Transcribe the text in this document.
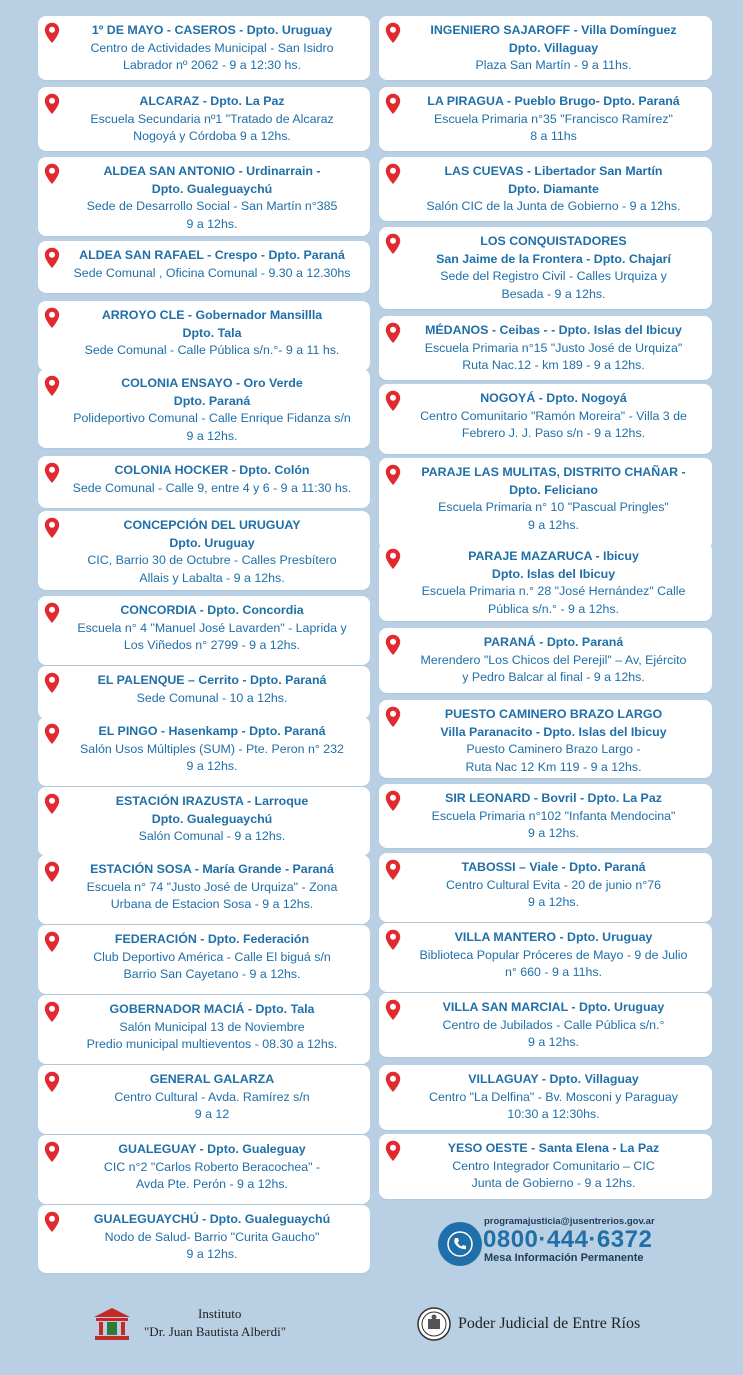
1º DE MAYO - CASEROS - Dpto. Uruguay
Centro de Actividades Municipal - San Isidro
Labrador nº 2062 - 9 a 12:30 hs.
ALCARAZ - Dpto. La Paz
Escuela Secundaria nº1 "Tratado de Alcaraz
Nogoyá y Córdoba 9 a 12hs.
ALDEA SAN ANTONIO - Urdinarrain -
Dpto. Gualeguaychú
Sede de Desarrollo Social - San Martín n°385
9 a 12hs.
ALDEA SAN RAFAEL - Crespo - Dpto. Paraná
Sede Comunal , Oficina Comunal - 9.30 a 12.30hs
ARROYO CLE - Gobernador Mansillla
Dpto. Tala
Sede Comunal - Calle Pública s/n.°- 9 a 11 hs.
COLONIA ENSAYO - Oro Verde
Dpto. Paraná
Polideportivo Comunal - Calle Enrique Fidanza s/n
9 a 12hs.
COLONIA HOCKER - Dpto. Colón
Sede Comunal - Calle 9, entre 4 y 6 - 9 a 11:30 hs.
CONCEPCIÓN DEL URUGUAY
Dpto. Uruguay
CIC, Barrio 30 de Octubre - Calles Presbítero
Allais y Labalta - 9 a 12hs.
CONCORDIA - Dpto. Concordia
Escuela n° 4 "Manuel José Lavarden" - Laprida y
Los Viñedos n° 2799 - 9 a 12hs.
EL PALENQUE – Cerrito - Dpto. Paraná
Sede Comunal - 10 a 12hs.
EL PINGO - Hasenkamp - Dpto. Paraná
Salón Usos Múltiples (SUM) - Pte. Peron n° 232
9 a 12hs.
ESTACIÓN IRAZUSTA - Larroque
Dpto. Gualeguaychú
Salón Comunal - 9 a 12hs.
ESTACIÓN SOSA - María Grande - Paraná
Escuela n° 74 "Justo José de Urquiza" - Zona
Urbana de Estacion Sosa - 9 a 12hs.
FEDERACIÓN - Dpto. Federación
Club Deportivo América - Calle El biguá s/n
Barrio San Cayetano - 9 a 12hs.
GOBERNADOR MACIÁ - Dpto. Tala
Salón Municipal 13 de Noviembre
Predio municipal multieventos - 08.30 a 12hs.
GENERAL GALARZA
Centro Cultural - Avda. Ramírez s/n
9 a 12
GUALEGUAY - Dpto. Gualeguay
CIC n°2 "Carlos Roberto Beracochea" -
Avda Pte. Perón - 9 a 12hs.
GUALEGUAYCHÚ - Dpto. Gualeguaychú
Nodo de Salud- Barrio "Curita Gaucho"
9 a 12hs.
INGENIERO SAJAROFF - Villa Domínguez
Dpto. Villaguay
Plaza San Martín - 9 a 11hs.
LA PIRAGUA - Pueblo Brugo- Dpto. Paraná
Escuela Primaria n°35 "Francisco Ramírez"
8 a 11hs
LAS CUEVAS - Libertador San Martín
Dpto. Diamante
Salón CIC de la Junta de Gobierno - 9 a 12hs.
LOS CONQUISTADORES
San Jaime de la Frontera - Dpto. Chajarí
Sede del Registro Civil - Calles Urquiza y
Besada - 9 a 12hs.
MÉDANOS - Ceibas - - Dpto. Islas del Ibicuy
Escuela Primaria n°15 "Justo José de Urquiza"
Ruta Nac.12 - km 189 - 9 a 12hs.
NOGOYÁ - Dpto. Nogoyá
Centro Comunitario "Ramón Moreira" - Villa 3 de
Febrero J. J. Paso s/n - 9 a 12hs.
PARAJE LAS MULITAS, DISTRITO CHAÑAR -
Dpto. Feliciano
Escuela Primaria n° 10 "Pascual Pringles"
9 a 12hs.
PARAJE MAZARUCA - Ibicuy
Dpto. Islas del Ibicuy
Escuela Primaria n.° 28 "José Hernández" Calle
Pública s/n.° - 9 a 12hs.
PARANÁ - Dpto. Paraná
Merendero "Los Chicos del Perejil" – Av, Ejército
y Pedro Balcar al final - 9 a 12hs.
PUESTO CAMINERO BRAZO LARGO
Villa Paranacito - Dpto. Islas del Ibicuy
Puesto Caminero Brazo Largo -
Ruta Nac 12 Km 119 - 9 a 12hs.
SIR LEONARD - Bovril - Dpto. La Paz
Escuela Primaria n°102 "Infanta Mendocina"
9 a 12hs.
TABOSSI – Viale - Dpto. Paraná
Centro Cultural Evita - 20 de junio n°76
9 a 12hs.
VILLA MANTERO - Dpto. Uruguay
Biblioteca Popular Próceres de Mayo - 9 de Julio
n° 660 - 9 a 11hs.
VILLA SAN MARCIAL - Dpto. Uruguay
Centro de Jubilados - Calle Pública s/n.°
9 a 12hs.
VILLAGUAY - Dpto. Villaguay
Centro "La Delfina" - Bv. Mosconi y Paraguay
10:30 a 12:30hs.
YESO OESTE - Santa Elena - La Paz
Centro Integrador Comunitario – CIC
Junta de Gobierno - 9 a 12hs.
programajusticia@jusentrerios.gov.ar
0800·444·6372
Mesa Información Permanente
Instituto
"Dr. Juan Bautista Alberdi"	Poder Judicial de Entre Ríos
